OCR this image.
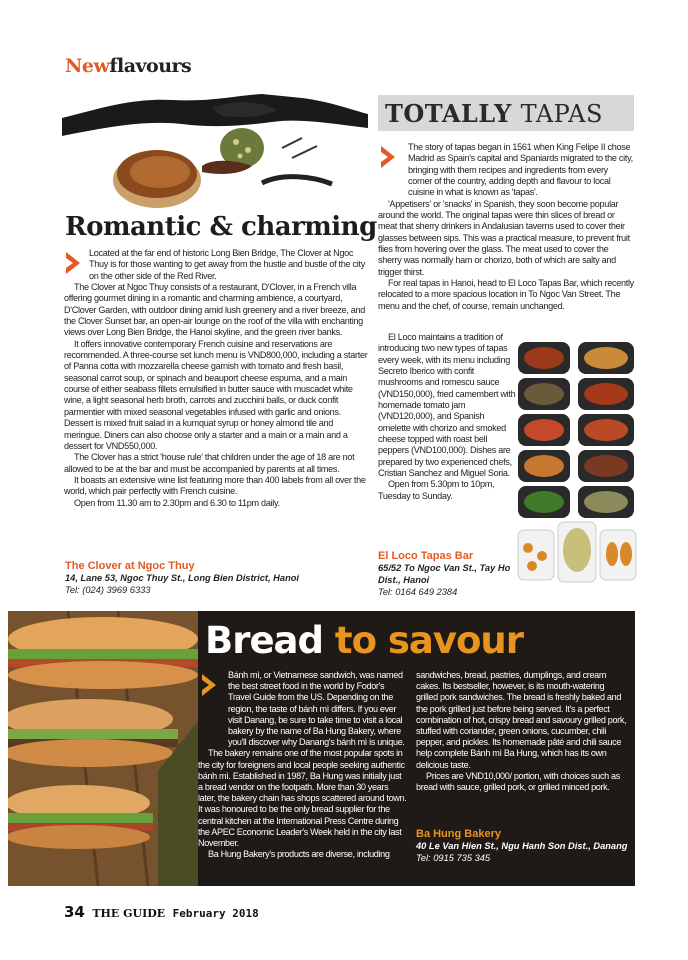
Newflavours
Romantic & charming

Located at the far end of historic Long Bien Bridge, The Clover at Ngoc Thuy is for those wanting to get away from the hustle and bustle of the city on the other side of the Red River.

The Clover at Ngoc Thuy consists of a restaurant, D'Clover, in a French villa offering gourmet dining in a romantic and charming ambience, a courtyard, D'Clover Garden, with outdoor dining amid lush greenery and a river breeze, and the Clover Sunset bar, an open-air lounge on the roof of the villa with enchanting views over Long Bien Bridge, the Hanoi skyline, and the green river banks.

It offers innovative contemporary French cuisine and reservations are recommended. A three-course set lunch menu is VND800,000, including a starter of Panna cotta with mozzarella cheese garnish with tomato and fresh basil, seasonal carrot soup, or spinach and beauport cheese espuma, and a main course of either seabass fillets emulsified in butter sauce with muscadet white wine, a light seasonal herb broth, carrots and zucchini balls, or duck confit parmentier with mixed seasonal vegetables infused with garlic and onions. Dessert is mixed fruit salad in a kumquat syrup or honey almond tile and meringue. Diners can also choose only a starter and a main or a main and a dessert for VND550,000.

The Clover has a strict 'house rule' that children under the age of 18 are not allowed to be at the bar and must be accompanied by parents at all times.

It boasts an extensive wine list featuring more than 400 labels from all over the world, which pair perfectly with French cuisine.

Open from 11.30 am to 2.30pm and 6.30 to 11pm daily.

The Clover at Ngoc Thuy
14, Lane 53, Ngoc Thuy St., Long Bien District, Hanoi
Tel: (024) 3969 6333
TOTALLY TAPAS

The story of tapas began in 1561 when King Felipe II chose Madrid as Spain's capital and Spaniards migrated to the city, bringing with them recipes and ingredients from every corner of the country, adding depth and flavour to local cuisine in what is known as 'tapas'.

'Appetisers' or 'snacks' in Spanish, they soon become popular around the world. The original tapas were thin slices of bread or meat that sherry drinkers in Andalusian taverns used to cover their glasses between sips. This was a practical measure, to prevent fruit flies from hovering over the glass. The meat used to cover the sherry was normally ham or chorizo, both of which are salty and trigger thirst.

For real tapas in Hanoi, head to El Loco Tapas Bar, which recently relocated to a more spacious location in To Ngoc Van Street. The menu and the chef, of course, remain unchanged.

El Loco maintains a tradition of introducing two new types of tapas every week, with its menu including Secreto Iberico with confit mushrooms and romescu sauce (VND150,000), fried camembert with homemade tomato jam (VND120,000), and Spanish omelette with chorizo and smoked cheese topped with roast bell peppers (VND100,000). Dishes are prepared by two experienced chefs, Cristian Sanchez and Miguel Soria.

Open from 5.30pm to 10pm, Tuesday to Sunday.

El Loco Tapas Bar
65/52 To Ngoc Van St., Tay Ho Dist., Hanoi
Tel: 0164 649 2384
Bread to savour

Bánh mì, or Vietnamese sandwich, was named the best street food in the world by Fodor's Travel Guide from the US. Depending on the region, the taste of bánh mì differs. If you ever visit Danang, be sure to take time to visit a local bakery by the name of Ba Hung Bakery, where you'll discover why Danang's bánh mì is unique.

The bakery remains one of the most popular spots in the city for foreigners and local people seeking authentic bánh mì. Established in 1987, Ba Hung was initially just a bread vendor on the footpath. More than 30 years later, the bakery chain has shops scattered around town. It was honoured to be the only bread supplier for the central kitchen at the International Press Centre during the APEC Economic Leader's Week held in the city last November.

Ba Hung Bakery's products are diverse, including

sandwiches, bread, pastries, dumplings, and cream cakes. Its bestseller, however, is its mouth-watering grilled pork sandwiches. The bread is freshly baked and the pork grilled just before being served. It's a perfect combination of hot, crispy bread and savoury grilled pork, stuffed with coriander, green onions, cucumber, chili pepper, and pickles. Its homemade pâté and chili sauce help complete Bánh mì Ba Hung, which has its own delicious taste.

Prices are VND10,000/ portion, with choices such as bread with sauce, grilled pork, or grilled minced pork.

Ba Hung Bakery
40 Le Van Hien St., Ngu Hanh Son Dist., Danang
Tel: 0915 735 345
34 THE GUIDE February 2018
